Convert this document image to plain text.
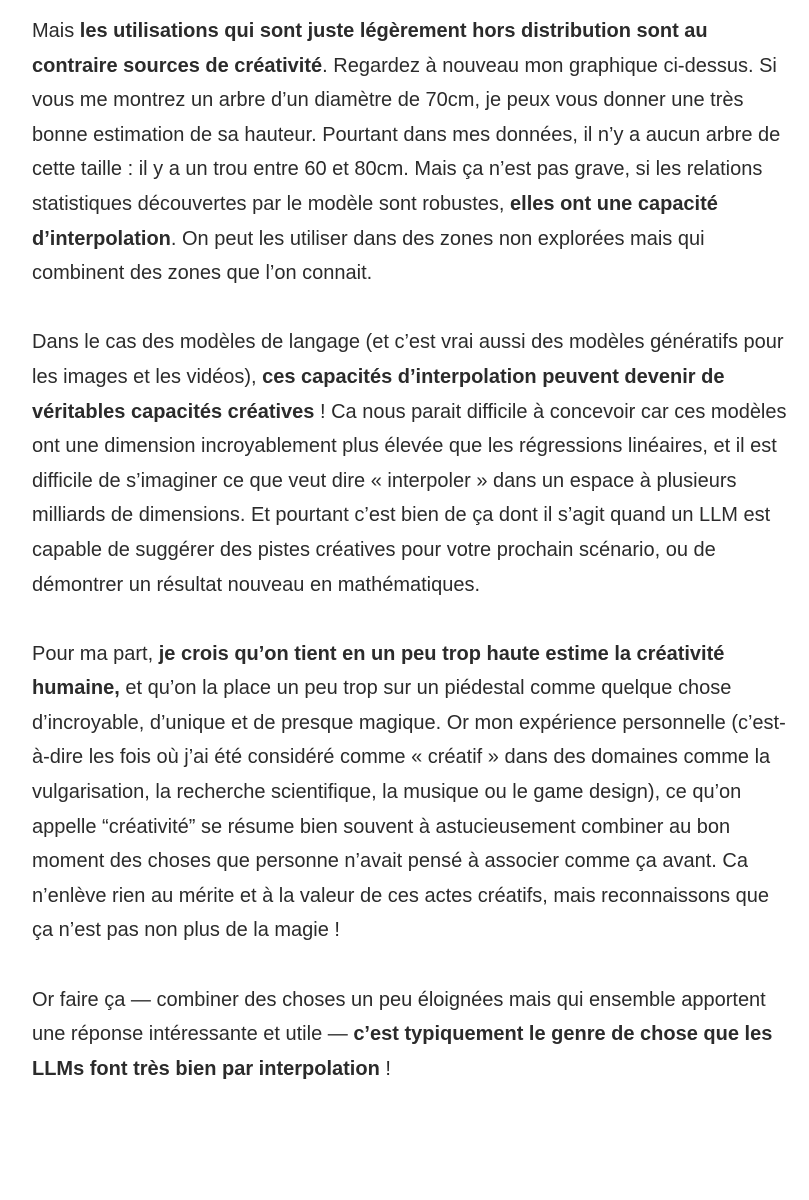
Mais les utilisations qui sont juste légèrement hors distribution sont au contraire sources de créativité. Regardez à nouveau mon graphique ci-dessus. Si vous me montrez un arbre d’un diamètre de 70cm, je peux vous donner une très bonne estimation de sa hauteur. Pourtant dans mes données, il n’y a aucun arbre de cette taille : il y a un trou entre 60 et 80cm. Mais ça n’est pas grave, si les relations statistiques découvertes par le modèle sont robustes, elles ont une capacité d’interpolation. On peut les utiliser dans des zones non explorées mais qui combinent des zones que l’on connait.

Dans le cas des modèles de langage (et c’est vrai aussi des modèles génératifs pour les images et les vidéos), ces capacités d’interpolation peuvent devenir de véritables capacités créatives ! Ca nous parait difficile à concevoir car ces modèles ont une dimension incroyablement plus élevée que les régressions linéaires, et il est difficile de s’imaginer ce que veut dire « interpoler » dans un espace à plusieurs milliards de dimensions. Et pourtant c’est bien de ça dont il s’agit quand un LLM est capable de suggérer des pistes créatives pour votre prochain scénario, ou de démontrer un résultat nouveau en mathématiques.

Pour ma part, je crois qu’on tient en un peu trop haute estime la créativité humaine, et qu’on la place un peu trop sur un piédestal comme quelque chose d’incroyable, d’unique et de presque magique. Or mon expérience personnelle (c’est-à-dire les fois où j’ai été considéré comme « créatif » dans des domaines comme la vulgarisation, la recherche scientifique, la musique ou le game design), ce qu’on appelle “créativité” se résume bien souvent à astucieusement combiner au bon moment des choses que personne n’avait pensé à associer comme ça avant. Ca n’enlève rien au mérite et à la valeur de ces actes créatifs, mais reconnaissons que ça n’est pas non plus de la magie !

Or faire ça — combiner des choses un peu éloignées mais qui ensemble apportent une réponse intéressante et utile — c’est typiquement le genre de chose que les LLMs font très bien par interpolation !
